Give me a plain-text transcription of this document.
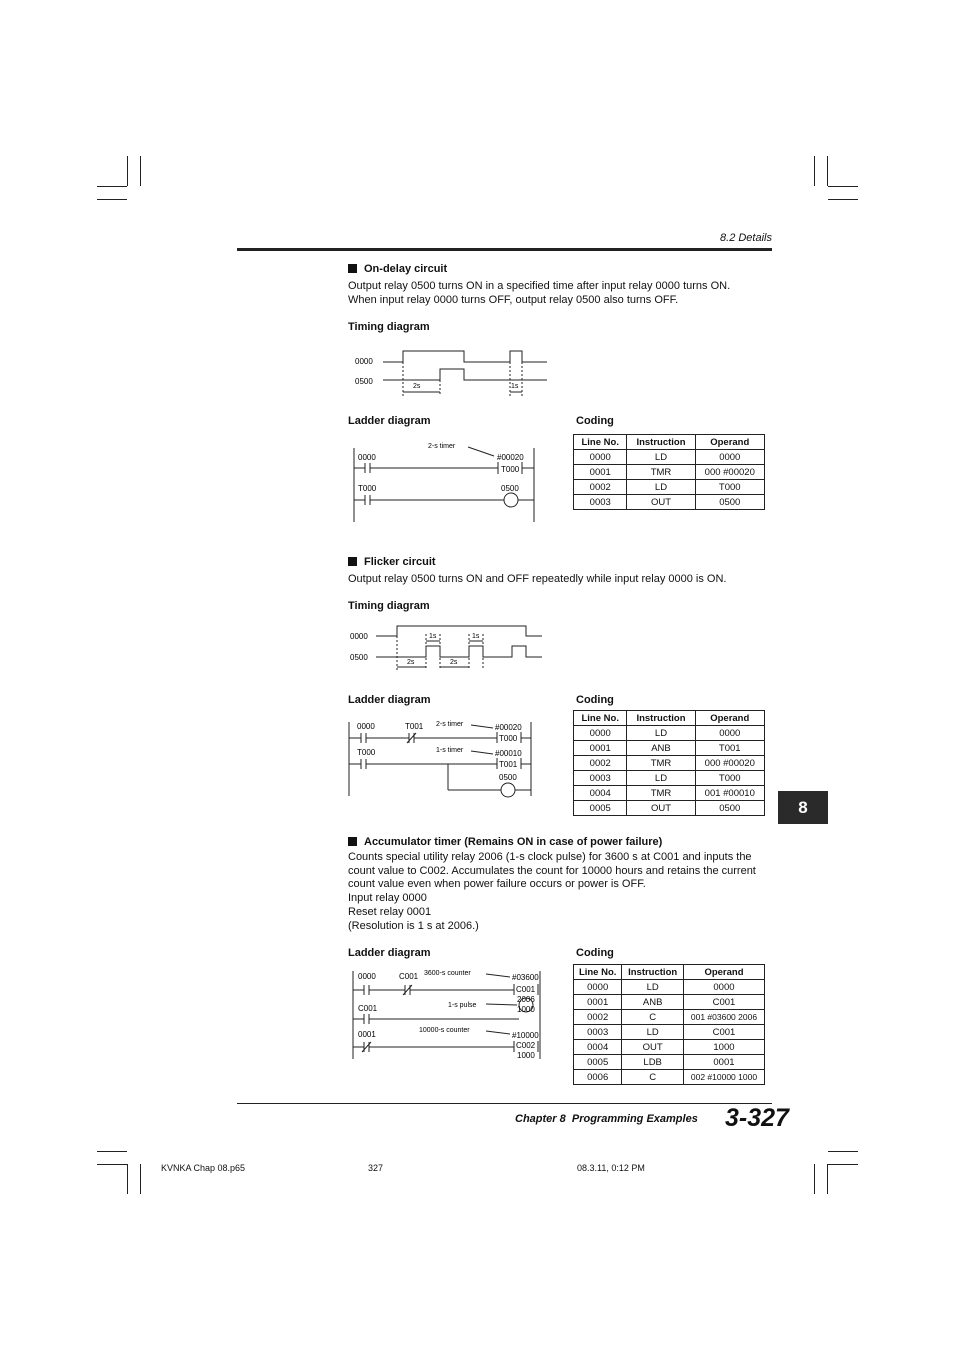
8.2 Details
On-delay circuit
Output relay 0500 turns ON in a specified time after input relay 0000 turns ON.
When input relay 0000 turns OFF, output relay 0500 also turns OFF.
Timing diagram
0000
0500
2s	1s
Ladder diagram	Coding
0000
2-s timer
#00020
T000
T000	0500
Line No.	Instruction	Operand
0000	LD	0000
0001	TMR	000 #00020
0002	LD	T000
0003	OUT	0500
Flicker circuit
Output relay 0500 turns ON and OFF repeatedly while input relay 0000 is ON.
Timing diagram
0000
0500
1s	1s
2s	2s
Ladder diagram	Coding
0000	T001 2-s timer	#00020
T000
T000	1-s timer	#00010
T001
0500
Line No.	Instruction	Operand
0000	LD	0000
0001	ANB	T001
0002	TMR	000 #00020
0003	LD	T000
0004	TMR	001 #00010
0005	OUT	0500	8
Accumulator timer (Remains ON in case of power failure)
Counts special utility relay 2006 (1-s clock pulse) for 3600 s at C001 and inputs the
count value to C002. Accumulates the count for 10000 hours and retains the current
count value even when power failure occurs or power is OFF.
Input relay 0000
Reset relay 0001
(Resolution is 1 s at 2006.)
Ladder diagram	Coding
0000	C001 3600-s counter	#03600
C001
2006
C001	1-s pulse	1000
0001	10000-s counter
#10000
C002
1000
Line No.	Instruction	Operand
0000	LD	0000
0001	ANB	C001
0002	C	001 #03600 2006
0003	LD	C001
0004	OUT	1000
0005	LDB	0001
0006	C	002 #10000 1000
Chapter 8 Programming Examples 3-327
KVNKA Chap 08.p65	327	08.3.11, 0:12 PM
